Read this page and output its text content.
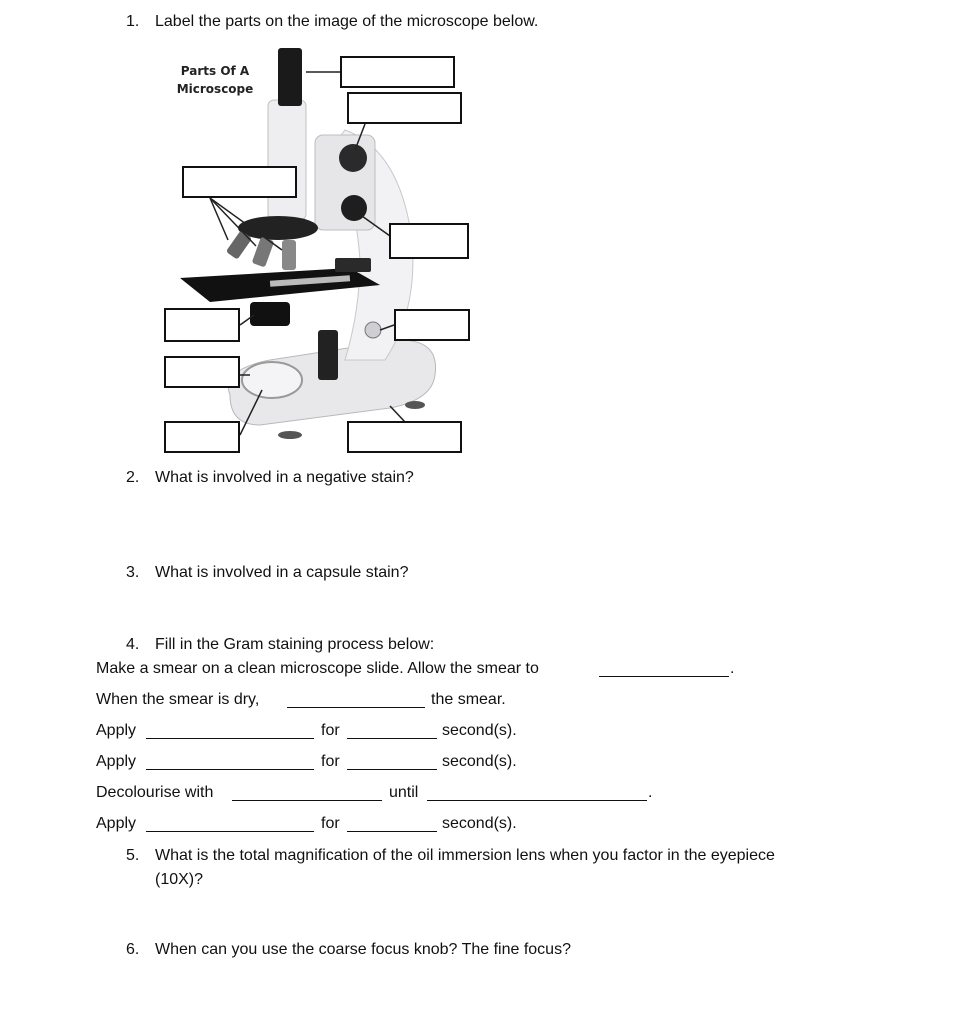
1. Label the parts on the image of the microscope below.
Parts Of A
Microscope
2. What is involved in a negative stain?
3. What is involved in a capsule stain?
4. Fill in the Gram staining process below:
Make a smear on a clean microscope slide. Allow the smear to	.
When the smear is dry,	the smear.
Apply	for	second(s).
Apply	for	second(s).
Decolourise with	until	.
Apply	for	second(s).
5. What is the total magnification of the oil immersion lens when you factor in the eyepiece
(10X)?
6. When can you use the coarse focus knob? The fine focus?
